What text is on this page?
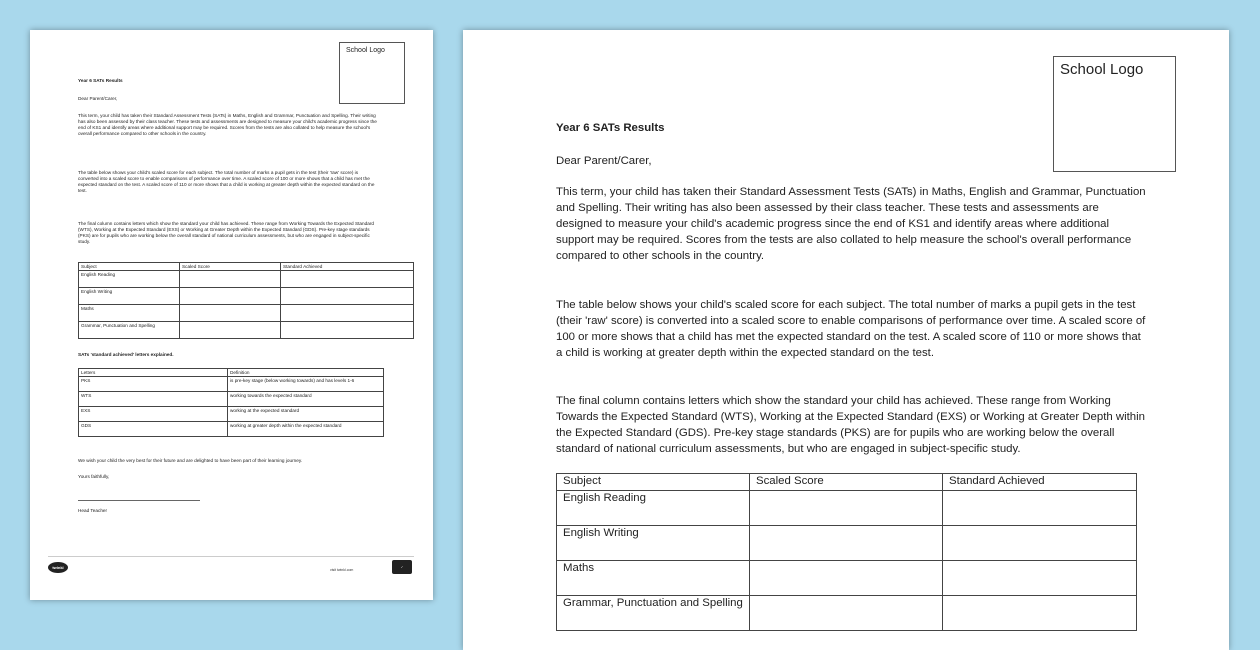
School Logo
Year 6 SATs Results
Dear Parent/Carer,
This term, your child has taken their Standard Assessment Tests (SATs) in Maths, English and Grammar, Punctuation and Spelling. Their writing has also been assessed by their class teacher. These tests and assessments are designed to measure your child's academic progress since the end of KS1 and identify areas where additional support may be required. Scores from the tests are also collated to help measure the school's overall performance compared to other schools in the country.
The table below shows your child's scaled score for each subject. The total number of marks a pupil gets in the test (their 'raw' score) is converted into a scaled score to enable comparisons of performance over time. A scaled score of 100 or more shows that a child has met the expected standard on the test. A scaled score of 110 or more shows that a child is working at greater depth within the expected standard on the test.
The final column contains letters which show the standard your child has achieved. These range from Working Towards the Expected Standard (WTS), Working at the Expected Standard (EXS) or Working at Greater Depth within the Expected Standard (GDS). Pre-key stage standards (PKS) are for pupils who are working below the overall standard of national curriculum assessments, but who are engaged in subject-specific study.
Subject	Scaled Score	Standard Achieved
English Reading		
English Writing		
Maths		
Grammar, Punctuation and Spelling		
SATs 'standard achieved' letters explained.
Letters	Definition
PKS	is pre-key stage (below working towards) and has levels 1-6
WTS	working towards the expected standard
EXS	working at the expected standard
GDS	working at greater depth within the expected standard
We wish your child the very best for their future and are delighted to have been part of their learning journey.
Yours faithfully,
Head Teacher
twinkl	visit twinkl.com
✓
School Logo
Year 6 SATs Results
Dear Parent/Carer,
This term, your child has taken their Standard Assessment Tests (SATs) in Maths, English and Grammar, Punctuation and Spelling. Their writing has also been assessed by their class teacher. These tests and assessments are designed to measure your child's academic progress since the end of KS1 and identify areas where additional support may be required. Scores from the tests are also collated to help measure the school's overall performance compared to other schools in the country.
The table below shows your child's scaled score for each subject. The total number of marks a pupil gets in the test (their 'raw' score) is converted into a scaled score to enable comparisons of performance over time. A scaled score of 100 or more shows that a child has met the expected standard on the test. A scaled score of 110 or more shows that a child is working at greater depth within the expected standard on the test.
The final column contains letters which show the standard your child has achieved. These range from Working Towards the Expected Standard (WTS), Working at the Expected Standard (EXS) or Working at Greater Depth within the Expected Standard (GDS). Pre-key stage standards (PKS) are for pupils who are working below the overall standard of national curriculum assessments, but who are engaged in subject-specific study.
Subject	Scaled Score	Standard Achieved
English Reading		
English Writing		
Maths		
Grammar, Punctuation and Spelling		
